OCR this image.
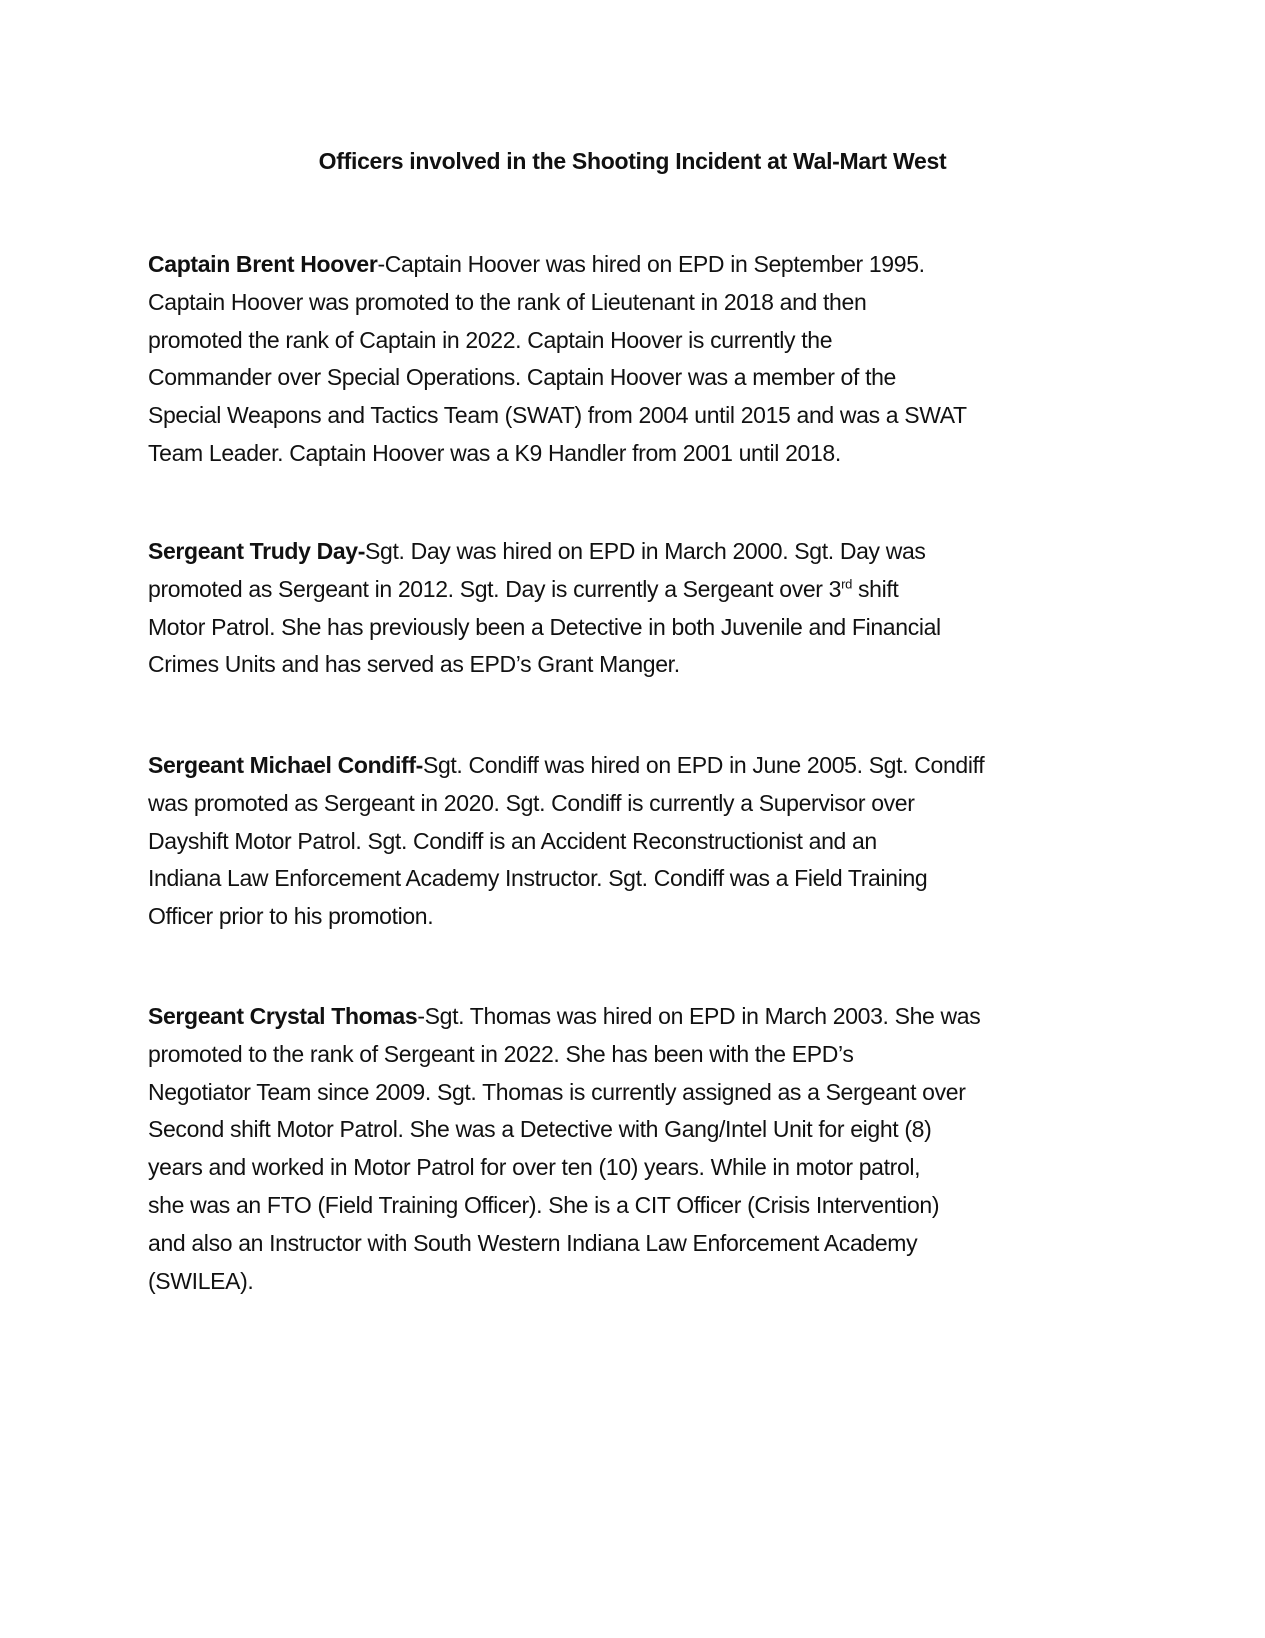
Officers involved in the Shooting Incident at Wal-Mart West
Captain Brent Hoover-Captain Hoover was hired on EPD in September 1995.
Captain Hoover was promoted to the rank of Lieutenant in 2018 and then
promoted the rank of Captain in 2022. Captain Hoover is currently the
Commander over Special Operations. Captain Hoover was a member of the
Special Weapons and Tactics Team (SWAT) from 2004 until 2015 and was a SWAT
Team Leader. Captain Hoover was a K9 Handler from 2001 until 2018.
Sergeant Trudy Day-Sgt. Day was hired on EPD in March 2000. Sgt. Day was
promoted as Sergeant in 2012. Sgt. Day is currently a Sergeant over 3rd shift
Motor Patrol. She has previously been a Detective in both Juvenile and Financial
Crimes Units and has served as EPD’s Grant Manger.
Sergeant Michael Condiff-Sgt. Condiff was hired on EPD in June 2005. Sgt. Condiff
was promoted as Sergeant in 2020. Sgt. Condiff is currently a Supervisor over
Dayshift Motor Patrol. Sgt. Condiff is an Accident Reconstructionist and an
Indiana Law Enforcement Academy Instructor. Sgt. Condiff was a Field Training
Officer prior to his promotion.
Sergeant Crystal Thomas-Sgt. Thomas was hired on EPD in March 2003. She was
promoted to the rank of Sergeant in 2022. She has been with the EPD’s
Negotiator Team since 2009. Sgt. Thomas is currently assigned as a Sergeant over
Second shift Motor Patrol. She was a Detective with Gang/Intel Unit for eight (8)
years and worked in Motor Patrol for over ten (10) years. While in motor patrol,
she was an FTO (Field Training Officer). She is a CIT Officer (Crisis Intervention)
and also an Instructor with South Western Indiana Law Enforcement Academy
(SWILEA).
